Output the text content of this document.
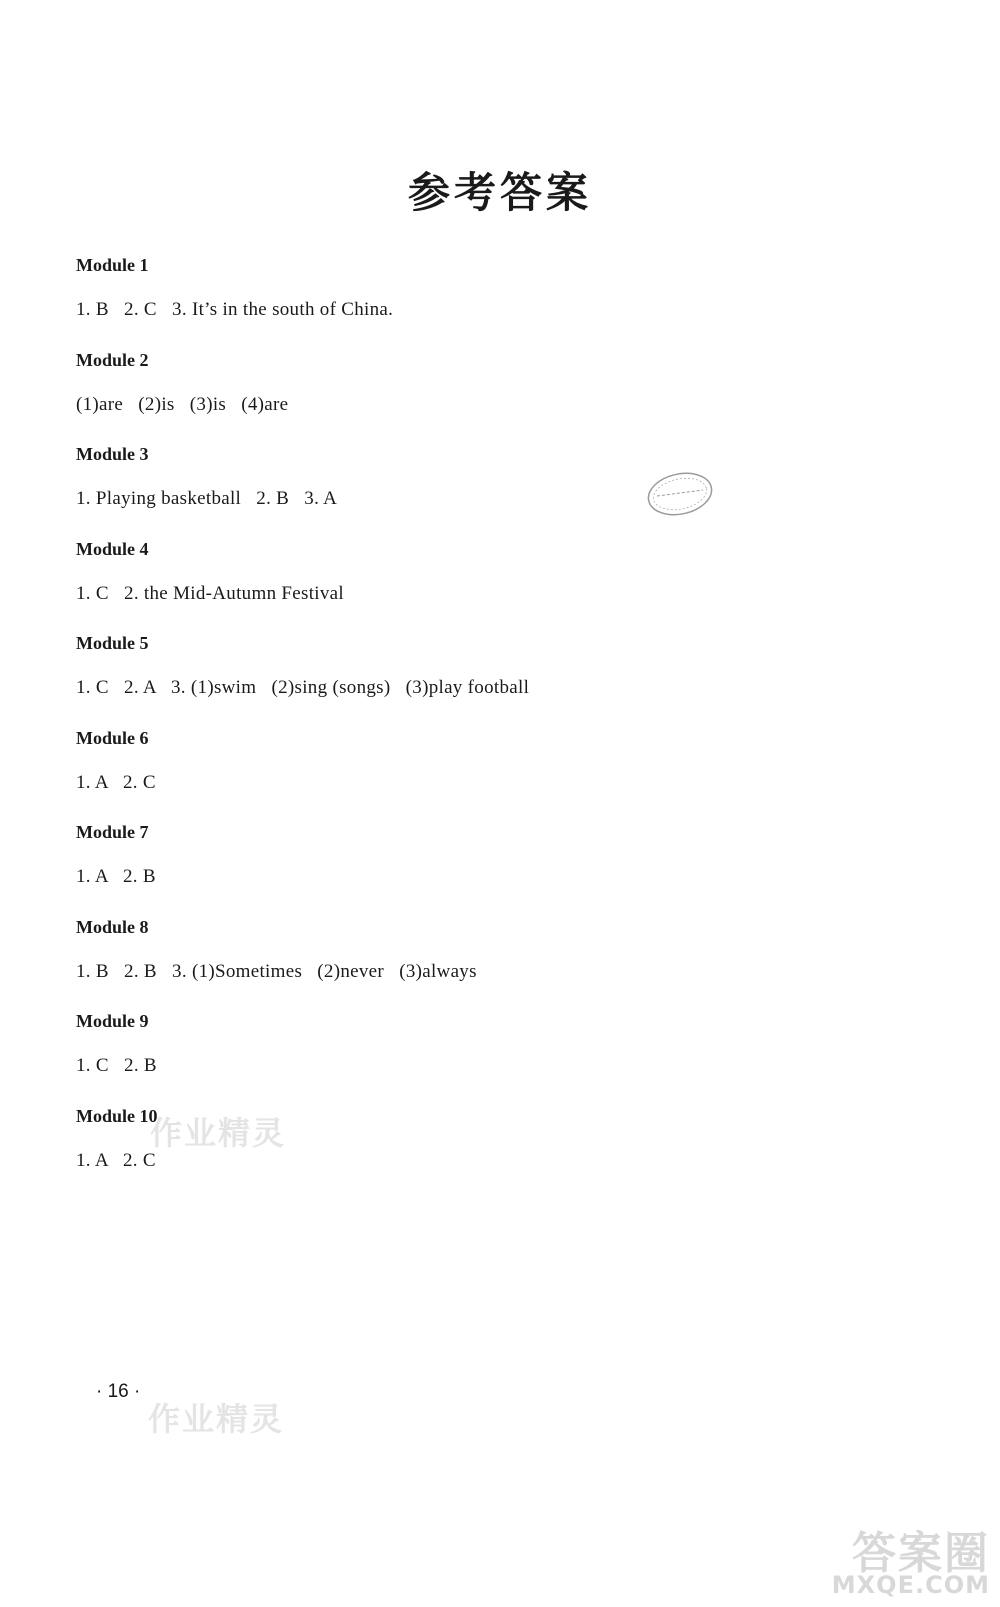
参考答案
Module 1
1. B   2. C   3. It’s in the south of China.
Module 2
(1)are   (2)is   (3)is   (4)are
Module 3
1. Playing basketball   2. B   3. A
Module 4
1. C   2. the Mid-Autumn Festival
Module 5
1. C   2. A   3. (1)swim   (2)sing (songs)   (3)play football
Module 6
1. A   2. C
Module 7
1. A   2. B
Module 8
1. B   2. B   3. (1)Sometimes   (2)never   (3)always
Module 9
1. C   2. B
Module 10
1. A   2. C
· 16 ·
作业精灵
作业精灵
答案圈
MXQE.COM
